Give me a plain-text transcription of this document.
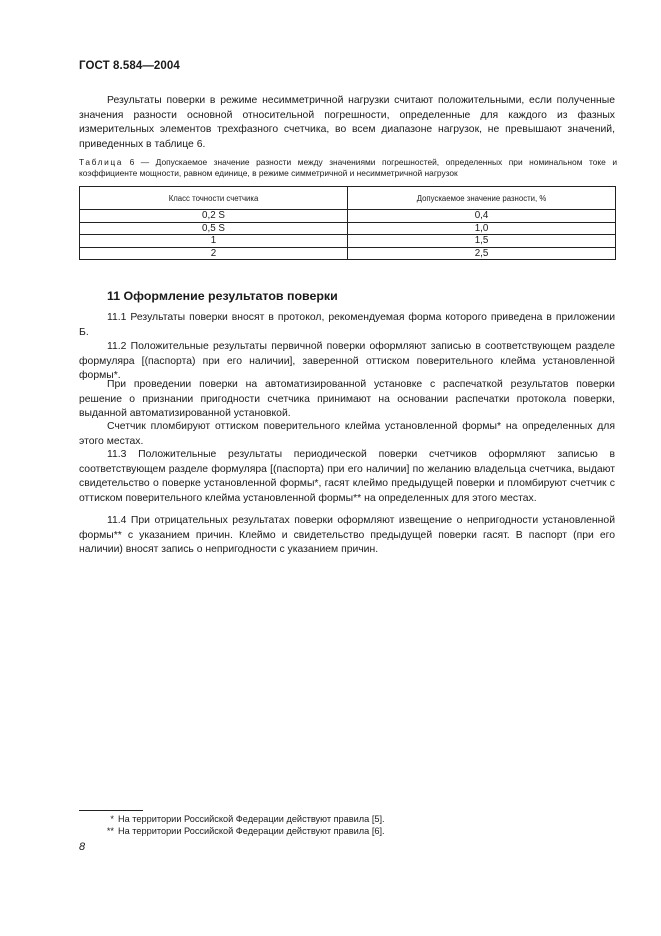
ГОСТ 8.584—2004

Результаты поверки в режиме несимметричной нагрузки считают положительными, если полученные значения разности основной относительной погрешности, определенные для каждого из фазных измерительных элементов трехфазного счетчика, во всем диапазоне нагрузок, не превышают значений, приведенных в таблице 6.

Таблица 6 — Допускаемое значение разности между значениями погрешностей, определенных при номинальном токе и коэффициенте мощности, равном единице, в режиме симметричной и несимметричной нагрузок

Класс точности счетчика	Допускаемое значение разности, %
0,2 S	0,4
0,5 S	1,0
1	1,5
2	2,5
11 Оформление результатов поверки

11.1 Результаты поверки вносят в протокол, рекомендуемая форма которого приведена в приложении Б.

11.2 Положительные результаты первичной поверки оформляют записью в соответствующем разделе формуляра [(паспорта) при его наличии], заверенной оттиском поверительного клейма установленной формы*.

При проведении поверки на автоматизированной установке с распечаткой результатов поверки решение о признании пригодности счетчика принимают на основании распечатки протокола поверки, выданной автоматизированной установкой.

Счетчик пломбируют оттиском поверительного клейма установленной формы* на определенных для этого местах.

11.3 Положительные результаты периодической поверки счетчиков оформляют записью в соответствующем разделе формуляра [(паспорта) при его наличии] по желанию владельца счетчика, выдают свидетельство о поверке установленной формы*, гасят клеймо предыдущей поверки и пломбируют счетчик с оттиском поверительного клейма установленной формы** на определенных для этого местах.

11.4 При отрицательных результатах поверки оформляют извещение о непригодности установленной формы** с указанием причин. Клеймо и свидетельство предыдущей поверки гасят. В паспорт (при его наличии) вносят запись о непригодности с указанием причин.

* На территории Российской Федерации действуют правила [5].
** На территории Российской Федерации действуют правила [6].
8
